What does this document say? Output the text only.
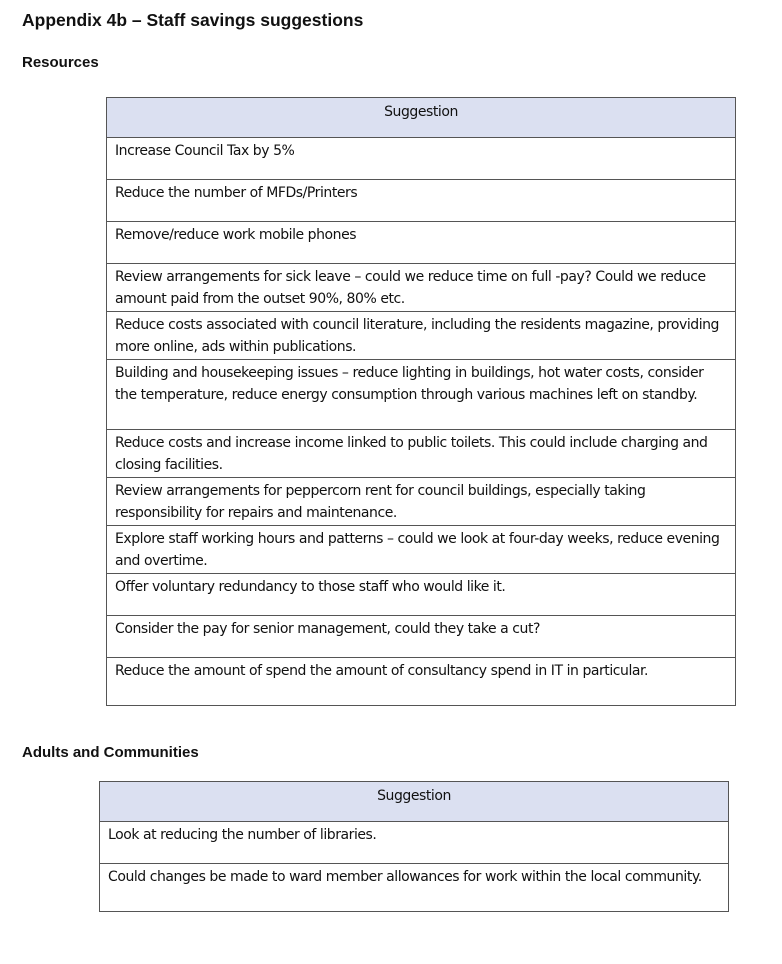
Appendix 4b – Staff savings suggestions
Resources
Suggestion
Increase Council Tax by 5%
Reduce the number of MFDs/Printers
Remove/reduce work mobile phones
Review arrangements for sick leave – could we reduce time on full -pay? Could we reduce amount paid from the outset 90%, 80% etc.
Reduce costs associated with council literature, including the residents magazine, providing more online, ads within publications.
Building and housekeeping issues – reduce lighting in buildings, hot water costs, consider the temperature, reduce energy consumption through various machines left on standby.
Reduce costs and increase income linked to public toilets. This could include charging and closing facilities.
Review arrangements for peppercorn rent for council buildings, especially taking responsibility for repairs and maintenance.
Explore staff working hours and patterns – could we look at four-day weeks, reduce evening and overtime.
Offer voluntary redundancy to those staff who would like it.
Consider the pay for senior management, could they take a cut?
Reduce the amount of spend the amount of consultancy spend in IT in particular.
Adults and Communities
Suggestion
Look at reducing the number of libraries.
Could changes be made to ward member allowances for work within the local community.
